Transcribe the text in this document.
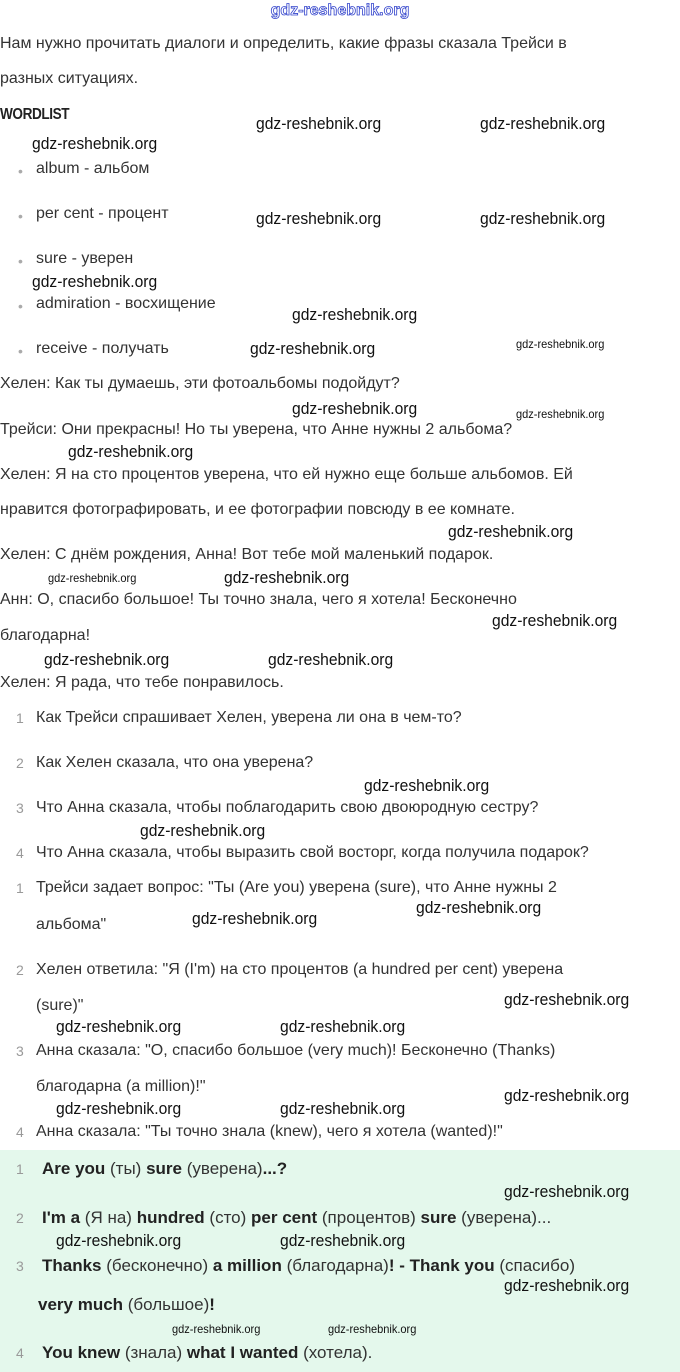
gdz-reshebnik.org
Нам нужно прочитать диалоги и определить, какие фразы сказала Трейси в
разных ситуациях.
WORDLIST
• album - альбом
• per cent - процент
• sure - уверен
• admiration - восхищение
• receive - получать
Хелен: Как ты думаешь, эти фотоальбомы подойдут?
Трейси: Они прекрасны! Но ты уверена, что Анне нужны 2 альбома?
Хелен: Я на сто процентов уверена, что ей нужно еще больше альбомов. Ей
нравится фотографировать, и ее фотографии повсюду в ее комнате.
Хелен: С днём рождения, Анна! Вот тебе мой маленький подарок.
Анн: О, спасибо большое! Ты точно знала, чего я хотела! Бесконечно
благодарна!
Хелен: Я рада, что тебе понравилось.
1 Как Трейси спрашивает Хелен, уверена ли она в чем-то?
2 Как Хелен сказала, что она уверена?
3 Что Анна сказала, чтобы поблагодарить свою двоюродную сестру?
4 Что Анна сказала, чтобы выразить свой восторг, когда получила подарок?
1 Трейси задает вопрос: "Ты (Are you) уверена (sure), что Анне нужны 2
альбома"
2 Хелен ответила: "Я (I'm) на сто процентов (a hundred per cent) уверена
(sure)"
3 Анна сказала: "О, спасибо большое (very much)! Бесконечно (Thanks)
благодарна (a million)!"
4 Анна сказала: "Ты точно знала (knew), чего я хотела (wanted)!"
1 Are you (ты) sure (уверена)...?
2 I'm a (Я на) hundred (сто) per cent (процентов) sure (уверена)...
3 Thanks (бесконечно) a million (благодарна)! - Thank you (спасибо)
very much (большое)!
4 You knew (знала) what I wanted (хотела).
gdz-reshebnik.org
gdz-reshebnik.org	gdz-reshebnik.org
gdz-reshebnik.org	gdz-reshebnik.org
gdz-reshebnik.org
gdz-reshebnik.org
gdz-reshebnik.org
gdz-reshebnik.org
gdz-reshebnik.org	gdz-reshebnik.org
gdz-reshebnik.org
gdz-reshebnik.org
gdz-reshebnik.org	gdz-reshebnik.org
gdz-reshebnik.org
gdz-reshebnik.org	gdz-reshebnik.org
gdz-reshebnik.org
gdz-reshebnik.org
gdz-reshebnik.org
gdz-reshebnik.org
gdz-reshebnik.org
gdz-reshebnik.org
gdz-reshebnik.org
gdz-reshebnik.org
gdz-reshebnik.org
gdz-reshebnik.org
gdz-reshebnik.org
gdz-reshebnik.org	gdz-reshebnik.org
gdz-reshebnik.org
gdz-reshebnik.org	gdz-reshebnik.org
